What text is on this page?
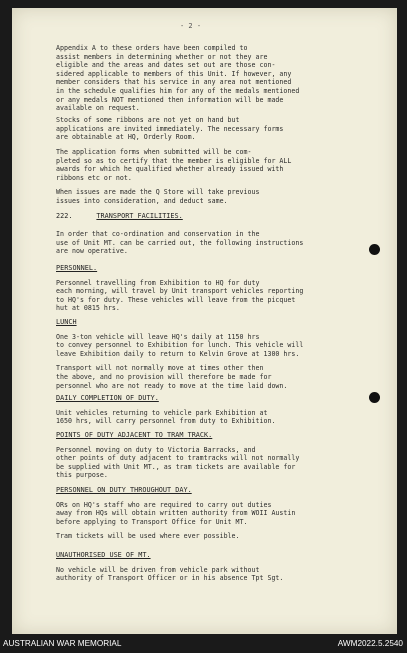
- 2 -

Appendix A to these orders have been compiled to
assist members in determining whether or not they are
eligible and the areas and dates set out are those con-
sidered applicable to members of this Unit. If however, any
member considers that his service in any area not mentioned
in the schedule qualifies him for any of the medals mentioned
or any medals NOT mentioned then information will be made
available on request.

Stocks of some ribbons are not yet on hand but
applications are invited immediately. The necessary forms
are obtainable at HQ, Orderly Room.

The application forms when submitted will be com-
pleted so as to certify that the member is eligible for ALL
awards for which he qualified whether already issued with
ribbons etc or not.

When issues are made the Q Store will take previous
issues into consideration, and deduct same.

222.	TRANSPORT FACILITIES.

In order that co-ordination and conservation in the
use of Unit MT. can be carried out, the following instructions
are now operative.

PERSONNEL.

Personnel travelling from Exhibition to HQ for duty
each morning, will travel by Unit transport vehicles reporting
to HQ's for duty. These vehicles will leave from the picquet
hut at 0815 hrs.

LUNCH

One 3-ton vehicle will leave HQ's daily at 1150 hrs
to convey personnel to Exhibition for lunch. This vehicle will
leave Exhibition daily to return to Kelvin Grove at 1300 hrs.

Transport will not normally move at times other then
the above, and no provision will therefore be made for
personnel who are not ready to move at the time laid down.

DAILY COMPLETION OF DUTY.

Unit vehicles returning to vehicle park Exhibition at
1650 hrs, will carry personnel from duty to Exhibition.

POINTS OF DUTY ADJACENT TO TRAM TRACK.

Personnel moving on duty to Victoria Barracks, and
other points of duty adjacent to tramtracks will not normally
be supplied with Unit MT., as tram tickets are available for
this purpose.

PERSONNEL ON DUTY THROUGHOUT DAY.

ORs on HQ's staff who are required to carry out duties
away from HQs will obtain written authority from WOII Austin
before applying to Transport Office for Unit MT.

Tram tickets will be used where ever possible.

UNAUTHORISED USE OF MT.

No vehicle will be driven from vehicle park without
authority of Transport Officer or in his absence Tpt Sgt.

AUSTRALIAN WAR MEMORIAL	AWM2022.5.2540
